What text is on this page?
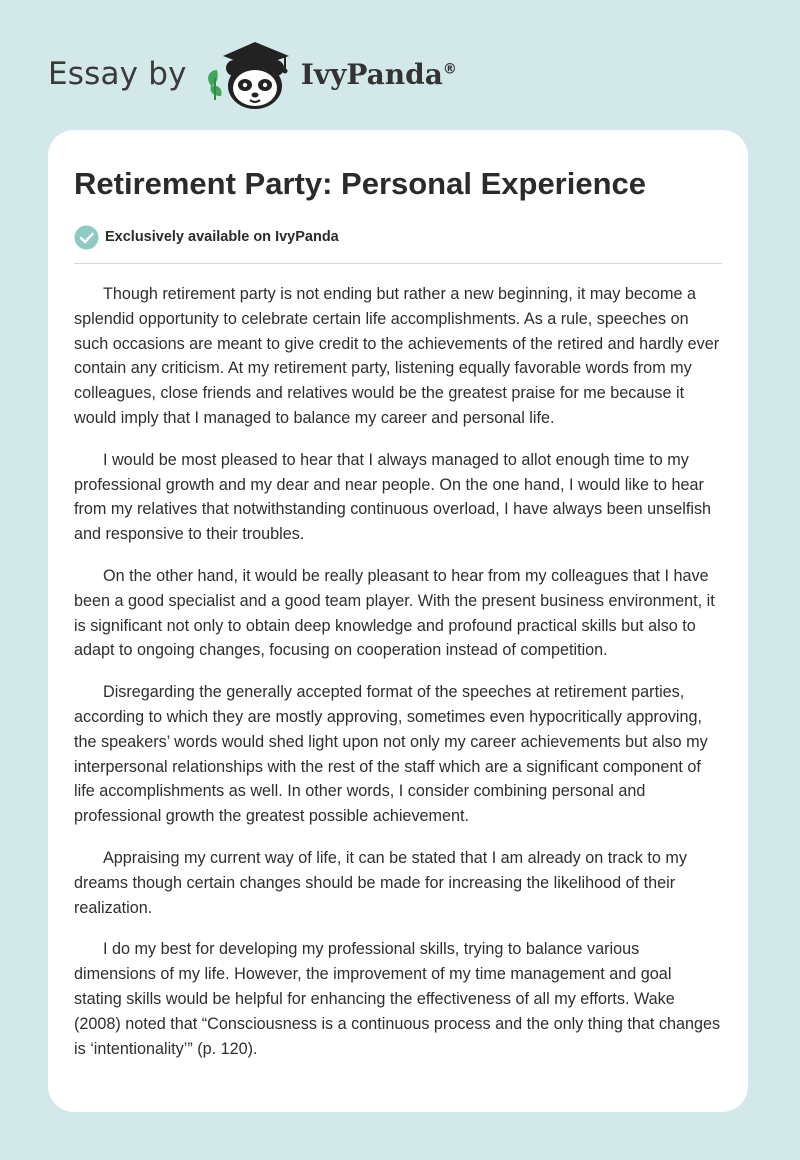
Essay by	IvyPanda®
Retirement Party: Personal Experience
Exclusively available on IvyPanda

Though retirement party is not ending but rather a new beginning, it may become a splendid opportunity to celebrate certain life accomplishments. As a rule, speeches on such occasions are meant to give credit to the achievements of the retired and hardly ever contain any criticism. At my retirement party, listening equally favorable words from my colleagues, close friends and relatives would be the greatest praise for me because it would imply that I managed to balance my career and personal life.

I would be most pleased to hear that I always managed to allot enough time to my professional growth and my dear and near people. On the one hand, I would like to hear from my relatives that notwithstanding continuous overload, I have always been unselfish and responsive to their troubles.

On the other hand, it would be really pleasant to hear from my colleagues that I have been a good specialist and a good team player. With the present business environment, it is significant not only to obtain deep knowledge and profound practical skills but also to adapt to ongoing changes, focusing on cooperation instead of competition.

Disregarding the generally accepted format of the speeches at retirement parties, according to which they are mostly approving, sometimes even hypocritically approving, the speakers’ words would shed light upon not only my career achievements but also my interpersonal relationships with the rest of the staff which are a significant component of life accomplishments as well. In other words, I consider combining personal and professional growth the greatest possible achievement.

Appraising my current way of life, it can be stated that I am already on track to my dreams though certain changes should be made for increasing the likelihood of their realization.

I do my best for developing my professional skills, trying to balance various dimensions of my life. However, the improvement of my time management and goal stating skills would be helpful for enhancing the effectiveness of all my efforts. Wake (2008) noted that “Consciousness is a continuous process and the only thing that changes is ‘intentionality’” (p. 120).
